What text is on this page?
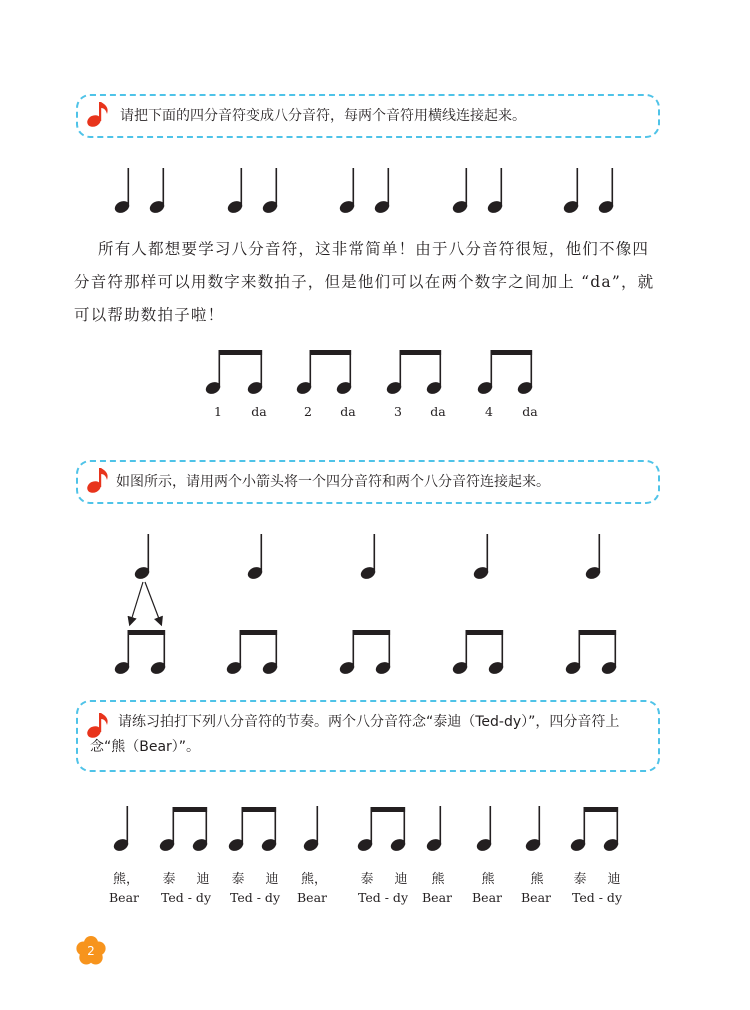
请把下面的四分音符变成八分音符，每两个音符用横线连接起来。
所有人都想要学习八分音符，这非常简单！由于八分音符很短，他们不像四
分音符那样可以用数字来数拍子，但是他们可以在两个数字之间加上 “da”，就
可以帮助数拍子啦！
1 da	2 da	3 da	4 da
如图所示，请用两个小箭头将一个四分音符和两个八分音符连接起来。
请练习拍打下列八分音符的节奏。两个八分音符念“泰迪（Ted-dy）”，四分音符上
念“熊（Bear）”。
熊， 泰 迪 泰 迪 熊，	泰 迪 熊	熊	熊 泰 迪
Bear Ted - dy Ted - dy Bear Ted - dy Bear Bear Bear Ted - dy
2
